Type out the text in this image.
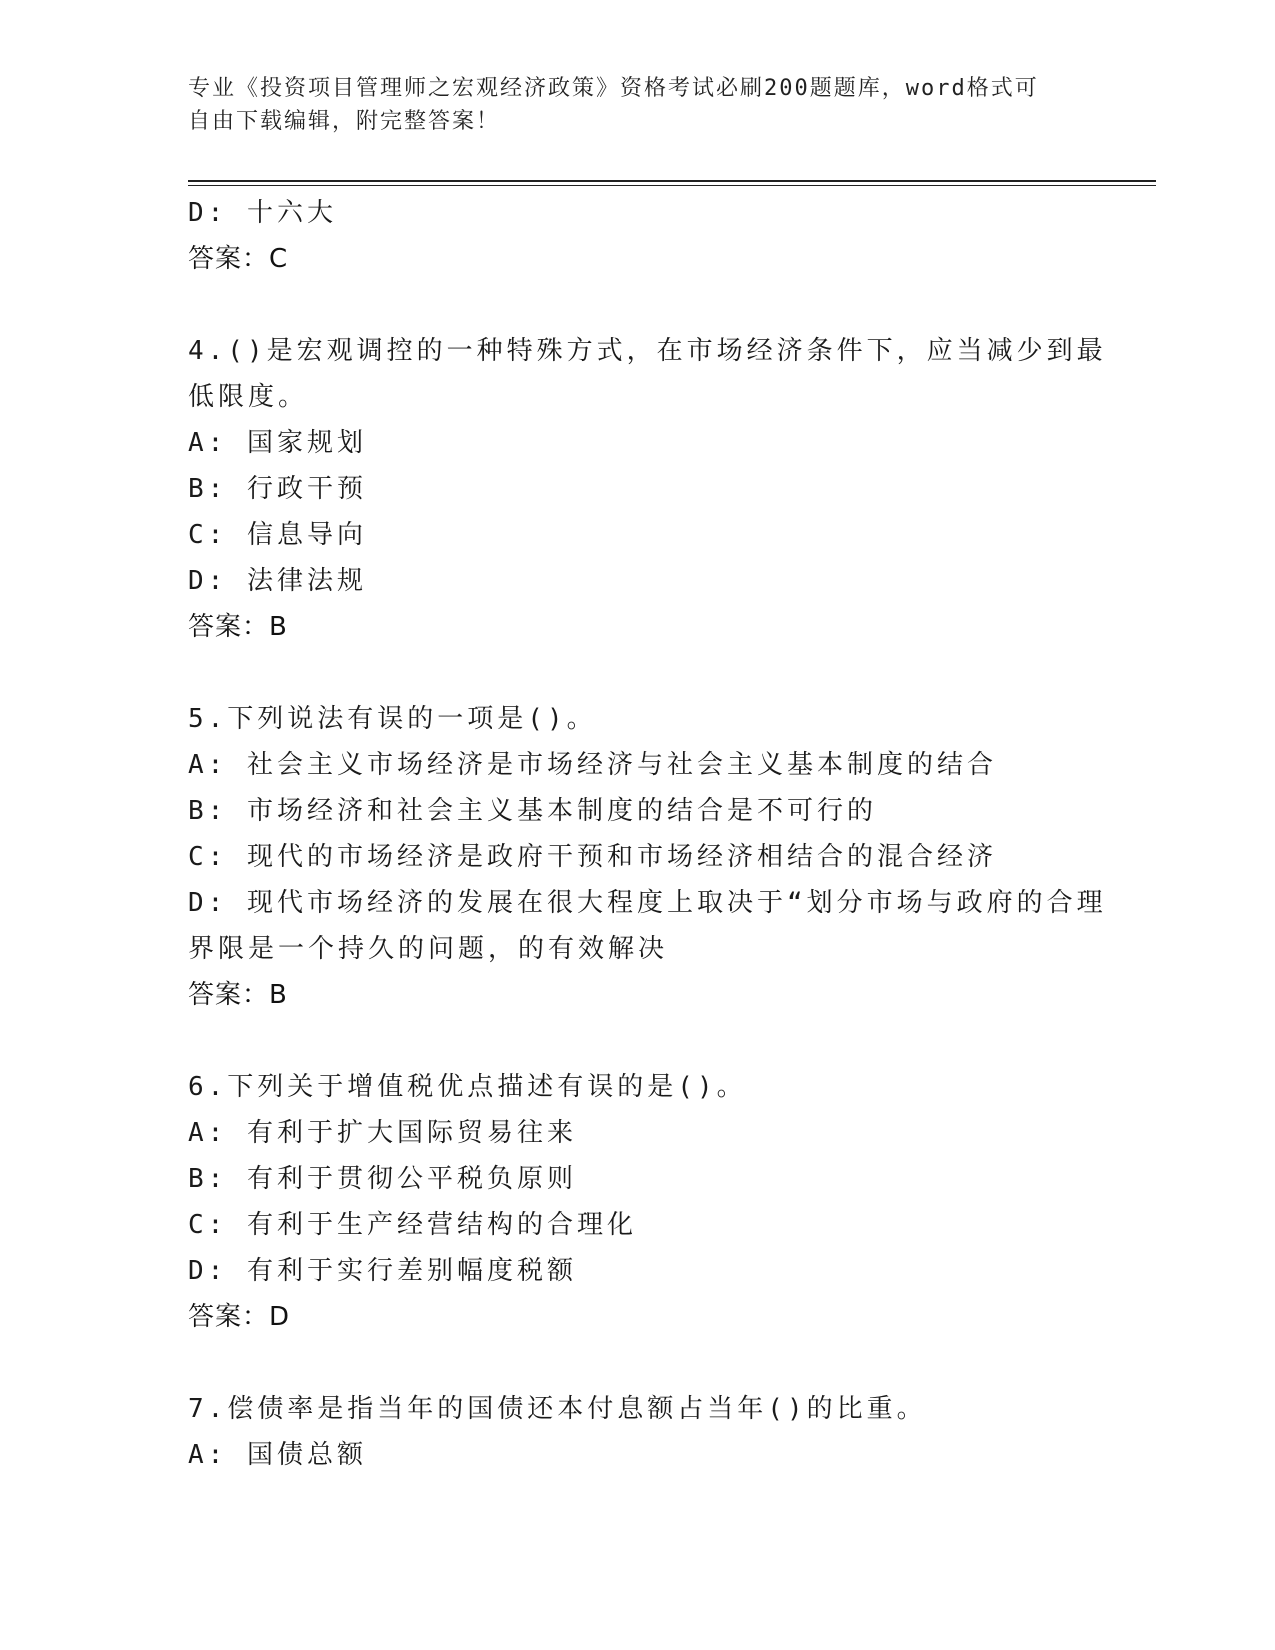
专业《投资项目管理师之宏观经济政策》资格考试必刷200题题库，word格式可
自由下载编辑，附完整答案！
D: 十六大
答案：C
4.()是宏观调控的一种特殊方式，在市场经济条件下，应当减少到最
低限度。
A: 国家规划
B: 行政干预
C: 信息导向
D: 法律法规
答案：B
5.下列说法有误的一项是()。
A: 社会主义市场经济是市场经济与社会主义基本制度的结合
B: 市场经济和社会主义基本制度的结合是不可行的
C: 现代的市场经济是政府干预和市场经济相结合的混合经济
D: 现代市场经济的发展在很大程度上取决于“划分市场与政府的合理
界限是一个持久的问题，的有效解决
答案：B
6.下列关于增值税优点描述有误的是()。
A: 有利于扩大国际贸易往来
B: 有利于贯彻公平税负原则
C: 有利于生产经营结构的合理化
D: 有利于实行差别幅度税额
答案：D
7.偿债率是指当年的国债还本付息额占当年()的比重。
A: 国债总额
